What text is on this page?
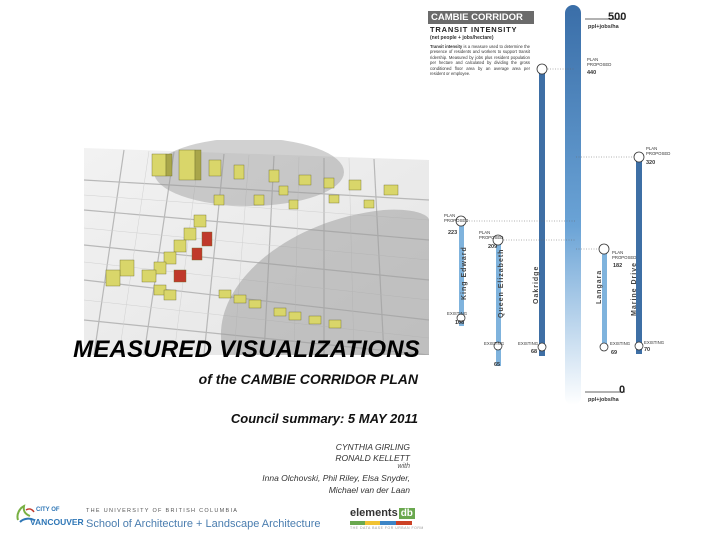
MEASURED VISUALIZATIONS
of the CAMBIE CORRIDOR PLAN
Council summary: 5 MAY 2011
CYNTHIA GIRLING
RONALD KELLETT
with
Inna Olchovski, Phil Riley, Elsa Snyder,
Michael van der Laan
CITY OF
VANCOUVER
THE UNIVERSITY OF BRITISH COLUMBIA
School of Architecture + Landscape Architecture
elements db
THE DATA BASE FOR URBAN FORM
CAMBIE CORRIDOR
TRANSIT INTENSITY
(net people + jobs/hectare)
Transit intensity is a measure used to determine the presence of residents and workers to support transit ridership. Measured by jobs plus resident population per hectare and calculated by dividing the gross conditioned floor area by an average area per resident or employee.
500
ppl+jobs/ha
0
ppl+jobs/ha
PLAN
PROPOSED
440
PLAN
PROPOSED
320
PLAN
PROPOSED
223	PLAN
PROPOSED
209
PLAN
PROPOSED
182
King Edward	Queen Elizabeth	Oakridge	Langara	Marine Drive
EXISTING
108
EXISTING
65
EXISTING
68
EXISTING
69
EXISTING
70
